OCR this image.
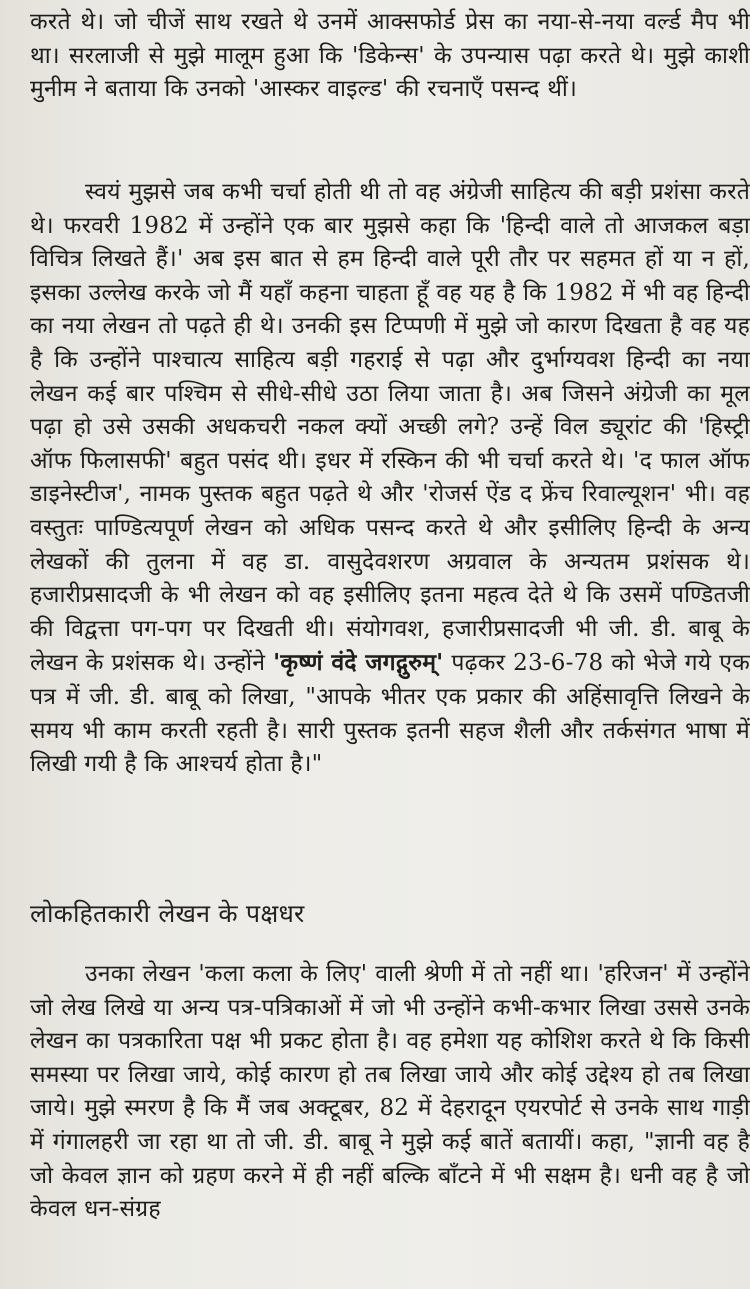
करते थे। जो चीजें साथ रखते थे उनमें आक्सफोर्ड प्रेस का नया-से-नया वर्ल्ड मैप भी था। सरलाजी से मुझे मालूम हुआ कि 'डिकेन्स' के उपन्यास पढ़ा करते थे। मुझे काशी मुनीम ने बताया कि उनको 'आस्कर वाइल्ड' की रचनाएँ पसन्द थीं।

स्वयं मुझसे जब कभी चर्चा होती थी तो वह अंग्रेजी साहित्य की बड़ी प्रशंसा करते थे। फरवरी 1982 में उन्होंने एक बार मुझसे कहा कि 'हिन्दी वाले तो आजकल बड़ा विचित्र लिखते हैं।' अब इस बात से हम हिन्दी वाले पूरी तौर पर सहमत हों या न हों, इसका उल्लेख करके जो मैं यहाँ कहना चाहता हूँ वह यह है कि 1982 में भी वह हिन्दी का नया लेखन तो पढ़ते ही थे। उनकी इस टिप्पणी में मुझे जो कारण दिखता है वह यह है कि उन्होंने पाश्चात्य साहित्य बड़ी गहराई से पढ़ा और दुर्भाग्यवश हिन्दी का नया लेखन कई बार पश्चिम से सीधे-सीधे उठा लिया जाता है। अब जिसने अंग्रेजी का मूल पढ़ा हो उसे उसकी अधकचरी नकल क्यों अच्छी लगे? उन्हें विल ड्यूरांट की 'हिस्ट्री ऑफ फिलासफी' बहुत पसंद थी। इधर में रस्किन की भी चर्चा करते थे। 'द फाल ऑफ डाइनेस्टीज', नामक पुस्तक बहुत पढ़ते थे और 'रोजर्स ऐंड द फ्रेंच रिवाल्यूशन' भी। वह वस्तुतः पाण्डित्यपूर्ण लेखन को अधिक पसन्द करते थे और इसीलिए हिन्दी के अन्य लेखकों की तुलना में वह डा. वासुदेवशरण अग्रवाल के अन्यतम प्रशंसक थे। हजारीप्रसादजी के भी लेखन को वह इसीलिए इतना महत्व देते थे कि उसमें पण्डितजी की विद्वत्ता पग-पग पर दिखती थी। संयोगवश, हजारीप्रसादजी भी जी. डी. बाबू के लेखन के प्रशंसक थे। उन्होंने 'कृष्णं वंदे जगद्गुरुम्' पढ़कर 23-6-78 को भेजे गये एक पत्र में जी. डी. बाबू को लिखा, "आपके भीतर एक प्रकार की अहिंसावृत्ति लिखने के समय भी काम करती रहती है। सारी पुस्तक इतनी सहज शैली और तर्कसंगत भाषा में लिखी गयी है कि आश्चर्य होता है।"

लोकहितकारी लेखन के पक्षधर

उनका लेखन 'कला कला के लिए' वाली श्रेणी में तो नहीं था। 'हरिजन' में उन्होंने जो लेख लिखे या अन्य पत्र-पत्रिकाओं में जो भी उन्होंने कभी-कभार लिखा उससे उनके लेखन का पत्रकारिता पक्ष भी प्रकट होता है। वह हमेशा यह कोशिश करते थे कि किसी समस्या पर लिखा जाये, कोई कारण हो तब लिखा जाये और कोई उद्देश्य हो तब लिखा जाये। मुझे स्मरण है कि मैं जब अक्टूबर, 82 में देहरादून एयरपोर्ट से उनके साथ गाड़ी में गंगालहरी जा रहा था तो जी. डी. बाबू ने मुझे कई बातें बतायीं। कहा, "ज्ञानी वह है जो केवल ज्ञान को ग्रहण करने में ही नहीं बल्कि बाँटने में भी सक्षम है। धनी वह है जो केवल धन-संग्रह
